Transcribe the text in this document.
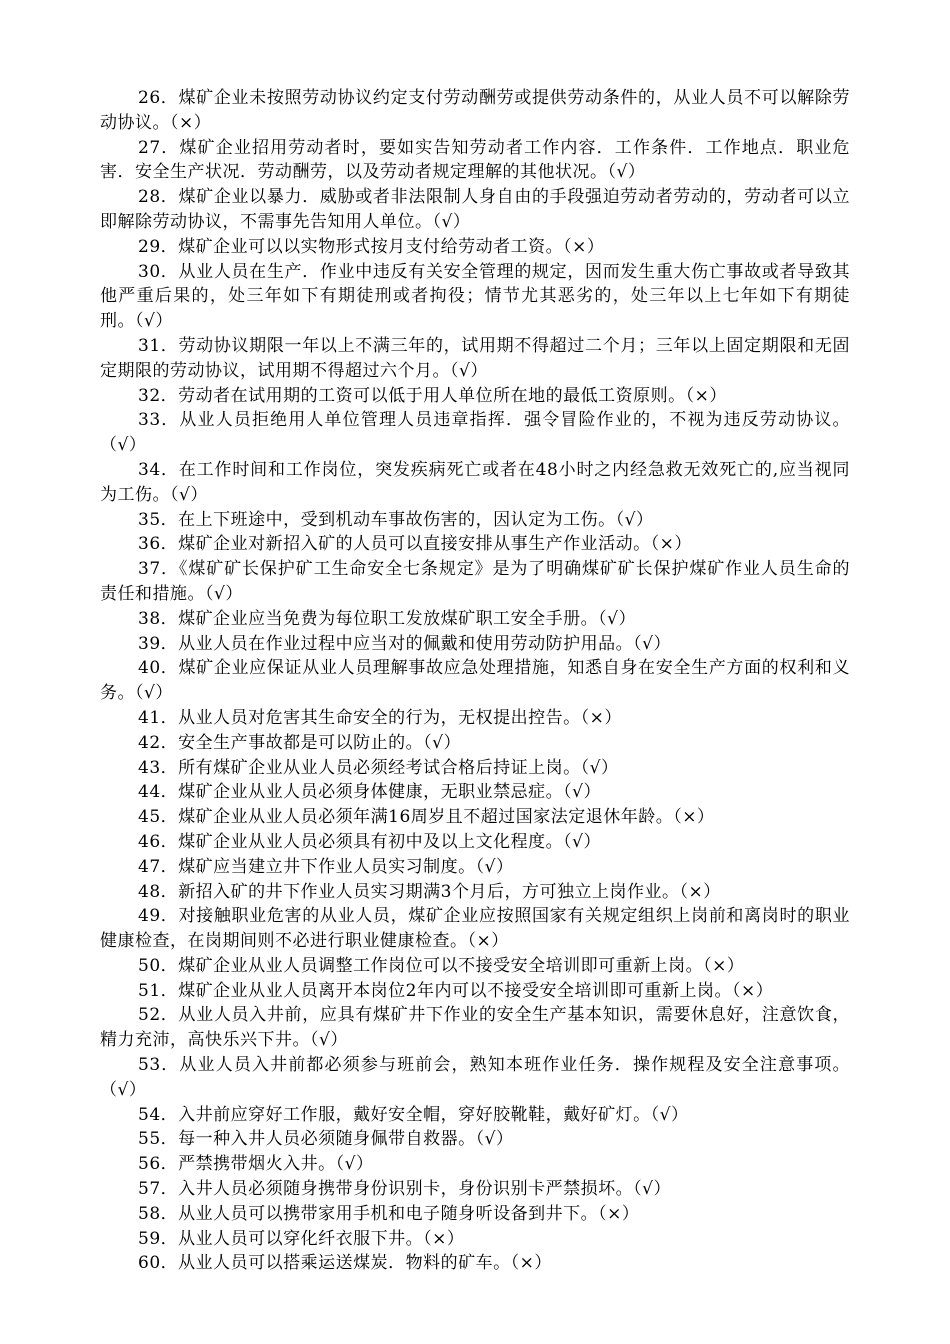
26．煤矿企业未按照劳动协议约定支付劳动酬劳或提供劳动条件的，从业人员不可以解除劳动协议。（×）

27．煤矿企业招用劳动者时，要如实告知劳动者工作内容．工作条件．工作地点．职业危害．安全生产状况．劳动酬劳，以及劳动者规定理解的其他状况。（√）

28．煤矿企业以暴力．威胁或者非法限制人身自由的手段强迫劳动者劳动的，劳动者可以立即解除劳动协议，不需事先告知用人单位。（√）

29．煤矿企业可以以实物形式按月支付给劳动者工资。（×）

30．从业人员在生产．作业中违反有关安全管理的规定，因而发生重大伤亡事故或者导致其他严重后果的，处三年如下有期徒刑或者拘役；情节尤其恶劣的，处三年以上七年如下有期徒刑。（√）

31．劳动协议期限一年以上不满三年的，试用期不得超过二个月；三年以上固定期限和无固定期限的劳动协议，试用期不得超过六个月。（√）

32．劳动者在试用期的工资可以低于用人单位所在地的最低工资原则。（×）

33．从业人员拒绝用人单位管理人员违章指挥．强令冒险作业的，不视为违反劳动协议。（√）

34．在工作时间和工作岗位，突发疾病死亡或者在48小时之内经急救无效死亡的,应当视同为工伤。（√）

35．在上下班途中，受到机动车事故伤害的，因认定为工伤。（√）

36．煤矿企业对新招入矿的人员可以直接安排从事生产作业活动。（×）

37．《煤矿矿长保护矿工生命安全七条规定》是为了明确煤矿矿长保护煤矿作业人员生命的责任和措施。（√）

38．煤矿企业应当免费为每位职工发放煤矿职工安全手册。（√）

39．从业人员在作业过程中应当对的佩戴和使用劳动防护用品。（√）

40．煤矿企业应保证从业人员理解事故应急处理措施，知悉自身在安全生产方面的权利和义务。（√）

41．从业人员对危害其生命安全的行为，无权提出控告。（×）

42．安全生产事故都是可以防止的。（√）

43．所有煤矿企业从业人员必须经考试合格后持证上岗。（√）

44．煤矿企业从业人员必须身体健康，无职业禁忌症。（√）

45．煤矿企业从业人员必须年满16周岁且不超过国家法定退休年龄。（×）

46．煤矿企业从业人员必须具有初中及以上文化程度。（√）

47．煤矿应当建立井下作业人员实习制度。（√）

48．新招入矿的井下作业人员实习期满3个月后，方可独立上岗作业。（×）

49．对接触职业危害的从业人员，煤矿企业应按照国家有关规定组织上岗前和离岗时的职业健康检查，在岗期间则不必进行职业健康检查。（×）

50．煤矿企业从业人员调整工作岗位可以不接受安全培训即可重新上岗。（×）

51．煤矿企业从业人员离开本岗位2年内可以不接受安全培训即可重新上岗。（×）

52．从业人员入井前，应具有煤矿井下作业的安全生产基本知识，需要休息好，注意饮食，精力充沛，高快乐兴下井。（√）

53．从业人员入井前都必须参与班前会，熟知本班作业任务．操作规程及安全注意事项。（√）

54．入井前应穿好工作服，戴好安全帽，穿好胶靴鞋，戴好矿灯。（√）

55．每一种入井人员必须随身佩带自救器。（√）

56．严禁携带烟火入井。（√）

57．入井人员必须随身携带身份识别卡，身份识别卡严禁损坏。（√）

58．从业人员可以携带家用手机和电子随身听设备到井下。（×）

59．从业人员可以穿化纤衣服下井。（×）

60．从业人员可以搭乘运送煤炭．物料的矿车。（×）
